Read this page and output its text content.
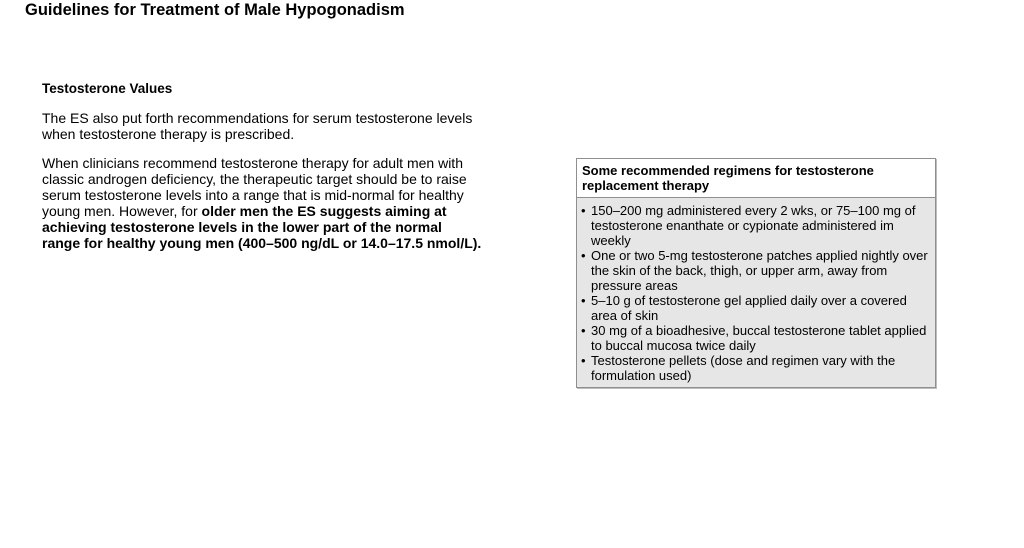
Guidelines for Treatment of Male Hypogonadism
Testosterone Values

The ES also put forth recommendations for serum testosterone levels when testosterone therapy is prescribed.

When clinicians recommend testosterone therapy for adult men with classic androgen deficiency, the therapeutic target should be to raise serum testosterone levels into a range that is mid-normal for healthy young men. However, for older men the ES suggests aiming at achieving testosterone levels in the lower part of the normal range for healthy young men (400–500 ng/dL or 14.0–17.5 nmol/L).

Some recommended regimens for testosterone replacement therapy
• 150–200 mg administered every 2 wks, or 75–100 mg of testosterone enanthate or cypionate administered im weekly
• One or two 5-mg testosterone patches applied nightly over the skin of the back, thigh, or upper arm, away from pressure areas
• 5–10 g of testosterone gel applied daily over a covered area of skin
• 30 mg of a bioadhesive, buccal testosterone tablet applied to buccal mucosa twice daily
• Testosterone pellets (dose and regimen vary with the formulation used)
